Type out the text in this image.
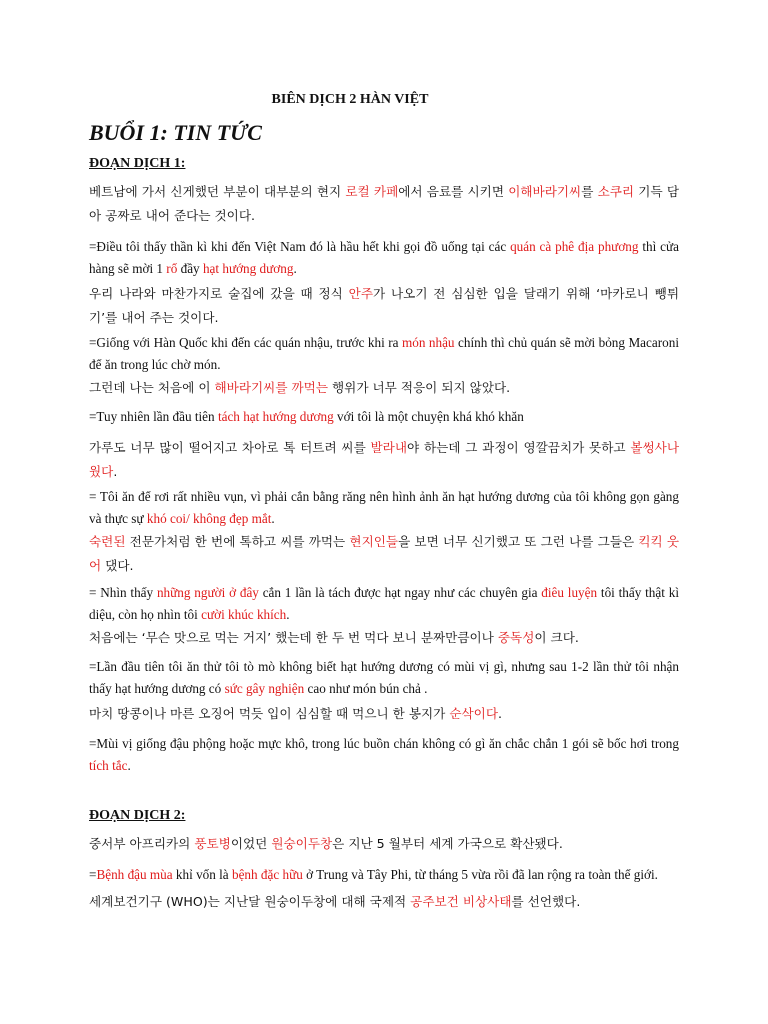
BIÊN DỊCH 2 HÀN VIỆT
BUỔI 1: TIN TỨC
ĐOẠN DỊCH 1:
베트남에 가서 신게했던 부분이 대부분의 현지 로컬 카페에서 음료를 시키면 이해바라기씨를 소쿠리 기득 담아 공짜로 내어 준다는 것이다.
=Điều tôi thấy thần kì khi đến Việt Nam đó là hầu hết khi gọi đồ uống tại các quán cà phê địa phương thì cửa hàng sẽ mời 1 rổ đầy hạt hướng dương.
우리 나라와 마찬가지로 술집에 갔을 때 정식 안주가 나오기 전 심심한 입을 달래기 위해 ‘마카로니 뺑튀기’를 내어 주는 것이다.
=Giống với Hàn Quốc khi đến các quán nhậu, trước khi ra món nhậu chính thì chủ quán sẽ mời bỏng Macaroni để ăn trong lúc chờ món.
그런데 나는 처음에 이 해바라기씨를 까먹는 행위가 너무 적응이 되지 않았다.
=Tuy nhiên lần đầu tiên tách hạt hướng dương với tôi là một chuyện khá khó khăn
가루도 너무 많이 떨어지고 차아로 톡 터트려 씨를 발라내야 하는데 그 과정이 영깔끔치가 못하고 볼썽사나웠다.
= Tôi ăn để rơi rất nhiều vụn, vì phải cắn bằng răng nên hình ảnh ăn hạt hướng dương của tôi không gọn gàng và thực sự khó coi/ không đẹp mắt.
숙련된 전문가처럼 한 번에 톡하고 씨를 까먹는 현지인들을 보면 너무 신기했고 또 그런 나를 그들은 킥킥 웃어 댔다.
= Nhìn thấy những người ở đây cắn 1 lần là tách được hạt ngay như các chuyên gia điêu luyện tôi thấy thật kì diệu, còn họ nhìn tôi cười khúc khích.
처음에는 ‘무슨 맛으로 먹는 거지’ 했는데 한 두 번 먹다 보니 분짜만큼이나 중독성이 크다.
=Lần đầu tiên tôi ăn thử tôi tò mò không biết hạt hướng dương có mùi vị gì, nhưng sau 1-2 lần thử tôi nhận thấy hạt hướng dương có sức gây nghiện cao như món bún chả .
마치 땅콩이나 마른 오징어 먹듯 입이 심심할 때 먹으니 한 봉지가 순삭이다.
=Mùi vị giống đậu phộng hoặc mực khô, trong lúc buồn chán không có gì ăn chắc chắn 1 gói sẽ bốc hơi trong tích tắc.
ĐOẠN DỊCH 2:
중서부 아프리카의 풍토병이었던 원숭이두창은 지난 5 월부터 세계 가국으로 확산됐다.
=Bệnh đậu mùa khỉ vốn là bệnh đặc hữu ở Trung và Tây Phi, từ tháng 5 vừa rồi đã lan rộng ra toàn thế giới.
세계보건기구 (WHO)는 지난달 원숭이두창에 대해 국제적 공주보건 비상사태를 선언했다.
